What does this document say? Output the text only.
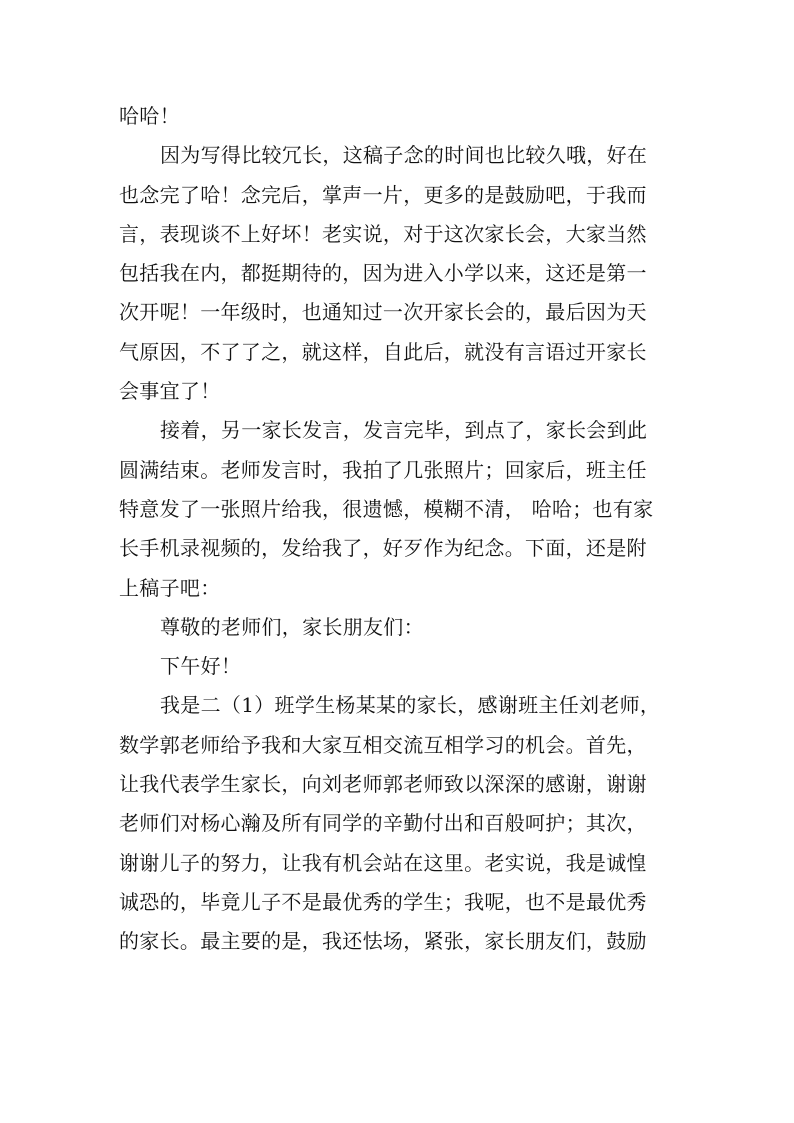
哈哈！
因为写得比较冗长，这稿子念的时间也比较久哦，好在
也念完了哈！念完后，掌声一片，更多的是鼓励吧，于我而
言，表现谈不上好坏！老实说，对于这次家长会，大家当然
包括我在内，都挺期待的，因为进入小学以来，这还是第一
次开呢！一年级时，也通知过一次开家长会的，最后因为天
气原因，不了了之，就这样，自此后，就没有言语过开家长
会事宜了！
接着，另一家长发言，发言完毕，到点了，家长会到此
圆满结束。老师发言时，我拍了几张照片；回家后，班主任
特意发了一张照片给我，很遗憾，模糊不清， 哈哈；也有家
长手机录视频的，发给我了，好歹作为纪念。下面，还是附
上稿子吧：
尊敬的老师们，家长朋友们：
下午好！
我是二（1）班学生杨某某的家长，感谢班主任刘老师，
数学郭老师给予我和大家互相交流互相学习的机会。首先，
让我代表学生家长，向刘老师郭老师致以深深的感谢，谢谢
老师们对杨心瀚及所有同学的辛勤付出和百般呵护；其次，
谢谢儿子的努力，让我有机会站在这里。老实说，我是诚惶
诚恐的，毕竟儿子不是最优秀的学生；我呢，也不是最优秀
的家长。最主要的是，我还怯场，紧张，家长朋友们，鼓励
